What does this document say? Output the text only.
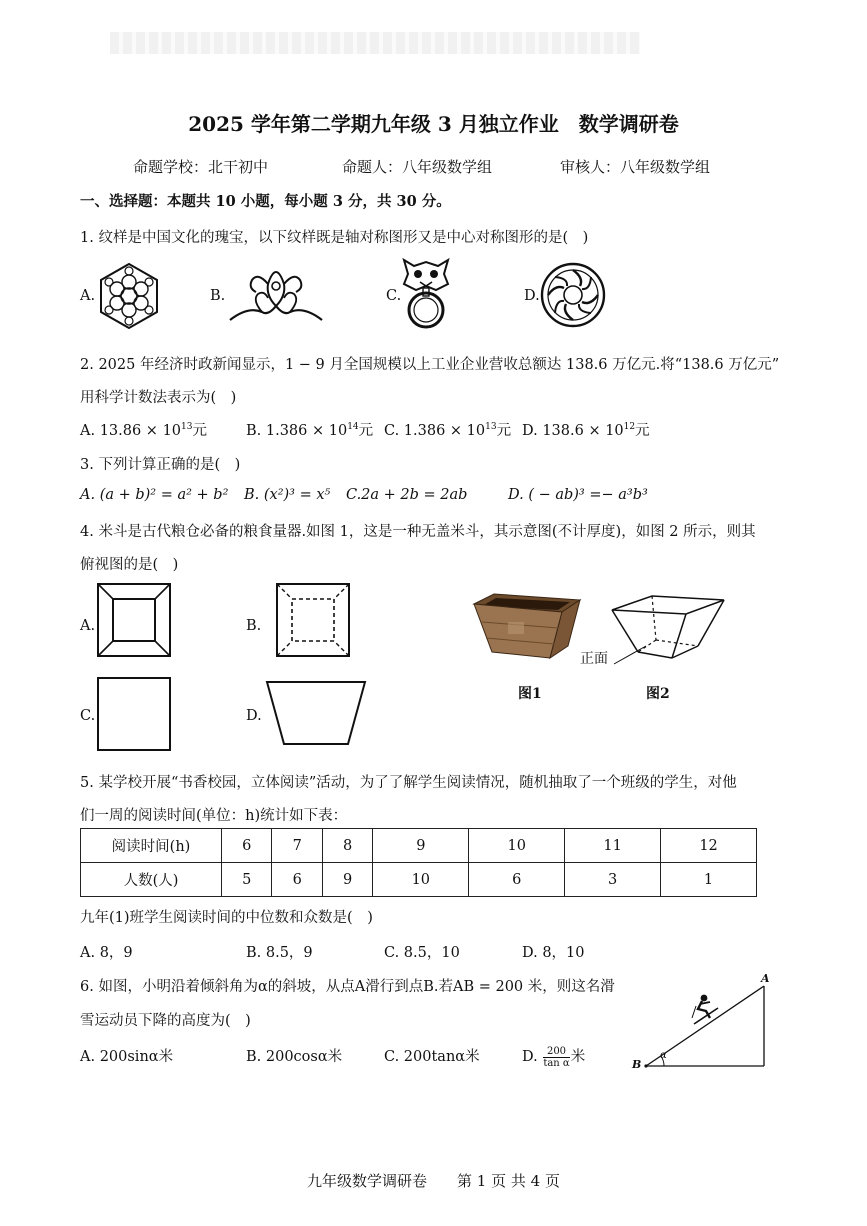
2025 学年第二学期九年级 3 月独立作业　数学调研卷
命题学校：北干初中	命题人：八年级数学组	审核人：八年级数学组
一、选择题：本题共 10 小题，每小题 3 分，共 30 分。
1. 纹样是中国文化的瑰宝，以下纹样既是轴对称图形又是中心对称图形的是(　)
A.	B.	C.	D.
2. 2025 年经济时政新闻显示，1 − 9 月全国规模以上工业企业营收总额达 138.6 万亿元.将“138.6 万亿元”
用科学计数法表示为(　)
A. $13.86 \times 10^{13}$元	B. $1.386 \times 10^{14}$元 C. $1.386 \times 10^{13}$元 D. $138.6 \times 10^{12}$元
3. 下列计算正确的是(　)
A. (a + b)² = a² + b² B. (x²)³ = x⁵ C.2a + 2b = 2ab	D. ( − ab)³ =− a³b³
4. 米斗是古代粮仓必备的粮食量器.如图 1，这是一种无盖米斗，其示意图(不计厚度)，如图 2 所示，则其
俯视图的是(　)
A.	B.
C.	D.
图1
正面
图2
5. 某学校开展“书香校园，立体阅读”活动，为了了解学生阅读情况，随机抽取了一个班级的学生，对他
们一周的阅读时间(单位：h)统计如下表：
阅读时间(h)	6	7	8	9	10	11	12
人数(人)	5	6	9	10	6	3	1
九年(1)班学生阅读时间的中位数和众数是(　)
A. 8，9	B. 8.5，9	C. 8.5，10	D. 8，10
6. 如图，小明沿着倾斜角为α的斜坡，从点A滑行到点B.若AB = 200 米，则这名滑
雪运动员下降的高度为(　)
A. 200sinα米	B. 200cosα米	C. 200tanα米	D. $\frac{200}{\text{tan α}}$ 米
A
B
α
九年级数学调研卷　　第 1 页 共 4 页
